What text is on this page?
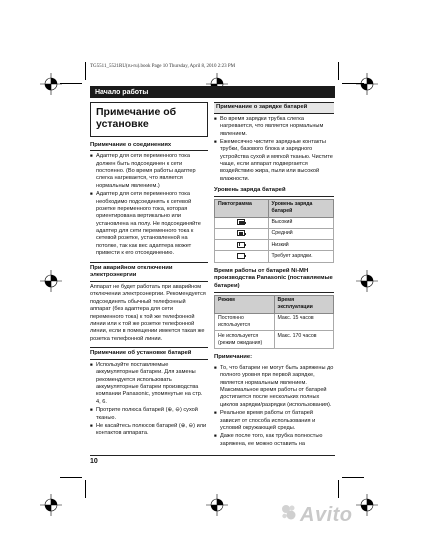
TG5511_5521RU(ru-ru).book Page 10 Thursday, April 8, 2010 2:23 PM
Начало работы
Примечание об установке
Примечание о соединениях
■ Адаптер для сети переменного тока должен быть подсоединен к сети постоянно. (Во время работы адаптер слегка нагревается, что является нормальным явлением.)
■ Адаптер для сети переменного тока необходимо подсоединять к сетевой розетке переменного тока, которая ориентирована вертикально или установлена на полу. Не подсоединяйте адаптер для сети переменного тока к сетевой розетке, установленной на потолке, так как вес адаптера может привести к его отсоединению.
При аварийном отключении электроэнергии

Аппарат не будет работать при аварийном отключении электроэнергии. Рекомендуется подсоединять обычный телефонный аппарат (без адаптера для сети переменного тока) к той же телефонной линии или к той же розетке телефонной линии, если в помещении имеется такая же розетка телефонной линии.

Примечание об установке батарей
■ Используйте поставляемые аккумуляторные батареи. Для замены рекомендуется использовать аккумуляторные батареи производства компании Panasonic, упомянутые на стр. 4, 6.
■ Протрите полюса батарей (⊕, ⊖) сухой тканью.
■ Не касайтесь полюсов батарей (⊕, ⊖) или контактов аппарата.
Примечание о зарядке батарей
■ Во время зарядки трубка слегка нагревается, что является нормальным явлением.
■ Ежемесячно чистите зарядные контакты трубки, базового блока и зарядного устройства сухой и мягкой тканью. Чистите чаще, если аппарат подвергается воздействию жира, пыли или высокой влажности.
Уровень заряда батарей
Пиктограмма	Уровень заряда батарей

	Высокий

	Средний

	Низкий

	Требует зарядки.
Время работы от батарей Ni-MH производства Panasonic (поставляемые батареи)
Режим	Время эксплуатации
Постоянно используется	Макс. 15 часов
Не используется (режим ожидания)	Макс. 170 часов
Примечание:
■ То, что батареи не могут быть заряжены до полного уровня при первой зарядке, является нормальным явлением. Максимальное время работы от батарей достигается после нескольких полных циклов зарядки/разрядки (использования).
■ Реальное время работы от батарей зависит от способа использования и условий окружающей среды.
■ Даже после того, как трубка полностью заряжена, ее можно оставить на
10
Avito
